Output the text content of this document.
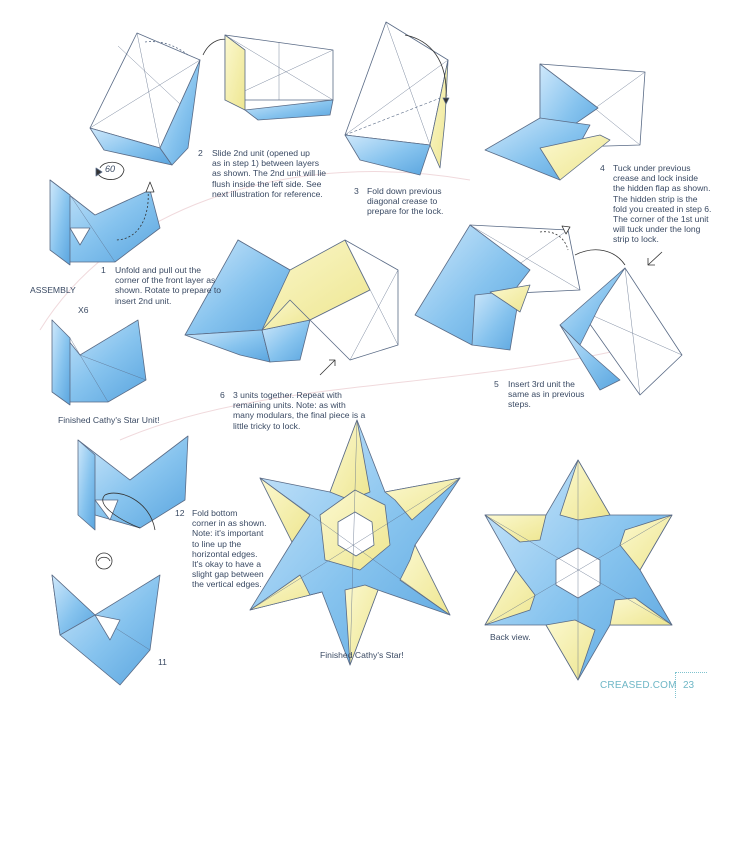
60
2 Slide 2nd unit (opened up
as in step 1) between layers
as shown. The 2nd unit will lie
flush inside the left side. See
next illustration for reference.	3 Fold down previous
diagonal crease to
prepare for the lock.

4 Tuck under previous
crease and lock inside
the hidden flap as shown.
The hidden strip is the
fold you created in step 6.
The corner of the 1st unit
will tuck under the long
strip to lock.

1 Unfold and pull out the
corner of the front layer as
shown. Rotate to prepare to
insert 2nd unit.

ASSEMBLY
X6
5 Insert 3rd unit the
same as in previous
steps.

6 3 units together. Repeat with
remaining units. Note: as with
many modulars, the final piece is a
little tricky to lock.

Finished Cathy's Star Unit!
12 Fold bottom
corner in as shown.
Note: it's important
to line up the
horizontal edges.
It's okay to have a
slight gap between
the vertical edges.

Back view.
11
Finished Cathy's Star!
CREASED.COM 23
